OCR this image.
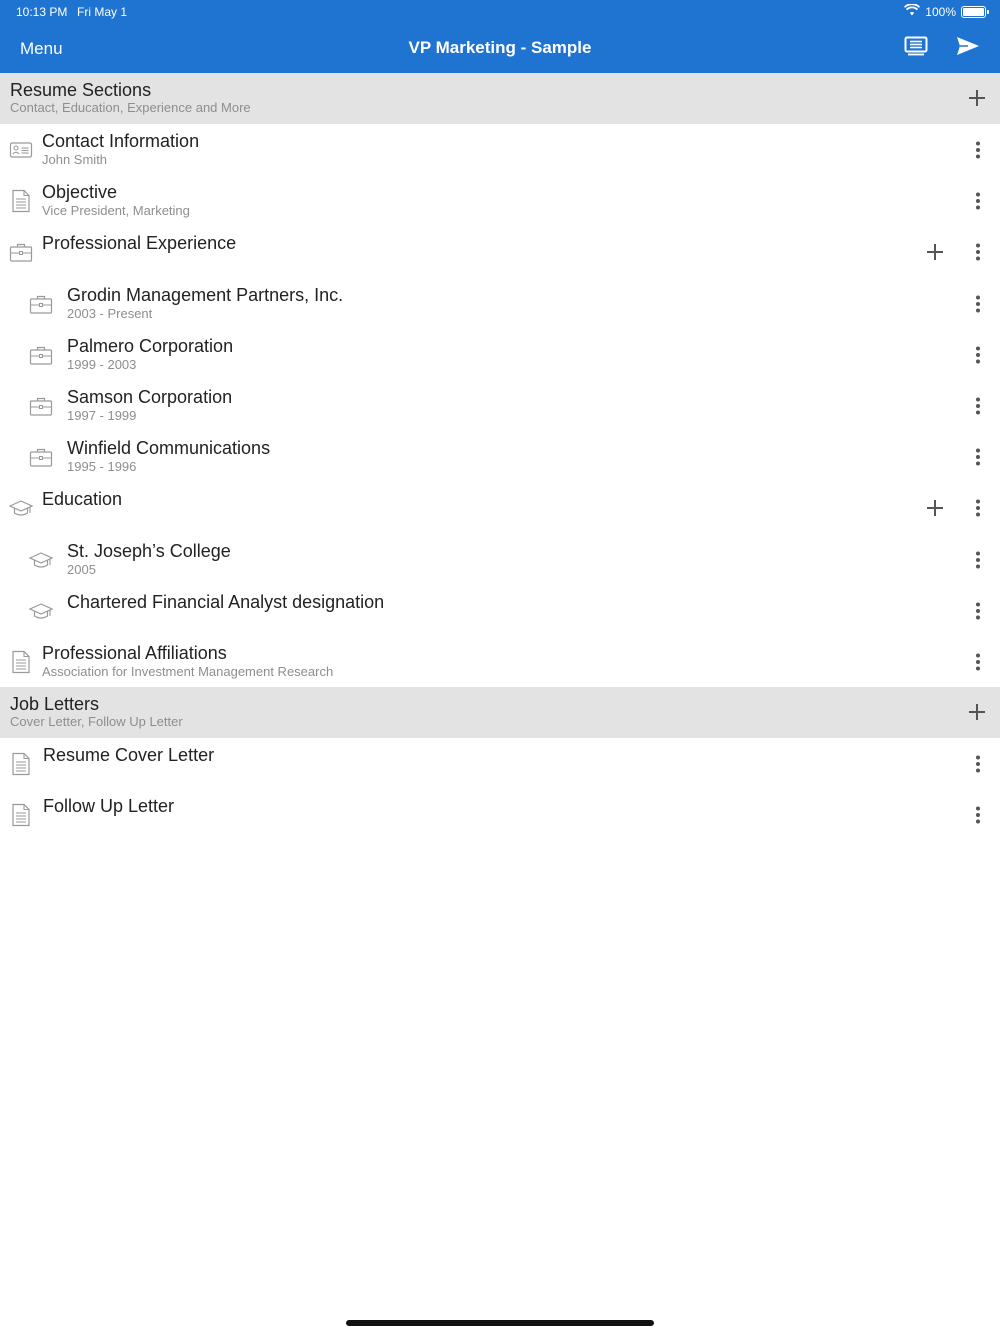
10:13 PM Fri May 1	100%
Menu	VP Marketing - Sample
Resume Sections
Contact, Education, Experience and More
Contact Information
John Smith
Objective
Vice President, Marketing
Professional Experience
Grodin Management Partners, Inc.
2003 - Present
Palmero Corporation
1999 - 2003
Samson Corporation
1997 - 1999
Winfield Communications
1995 - 1996
Education
St. Joseph’s College
2005
Chartered Financial Analyst designation
Professional Affiliations
Association for Investment Management Research
Job Letters
Cover Letter, Follow Up Letter
Resume Cover Letter
Follow Up Letter
